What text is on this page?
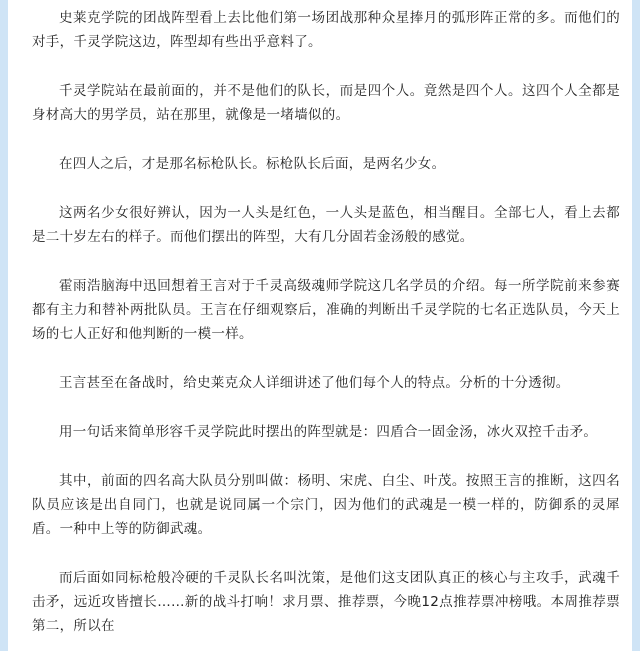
史莱克学院的团战阵型看上去比他们第一场团战那种众星捧月的弧形阵正常的多。而他们的对手，千灵学院这边，阵型却有些出乎意料了。

千灵学院站在最前面的，并不是他们的队长，而是四个人。竟然是四个人。这四个人全都是身材高大的男学员，站在那里，就像是一堵墙似的。

在四人之后，才是那名标枪队长。标枪队长后面，是两名少女。

这两名少女很好辨认，因为一人头是红色，一人头是蓝色，相当醒目。全部七人，看上去都是二十岁左右的样子。而他们摆出的阵型，大有几分固若金汤般的感觉。

霍雨浩脑海中迅回想着王言对于千灵高级魂师学院这几名学员的介绍。每一所学院前来参赛都有主力和替补两批队员。王言在仔细观察后，准确的判断出千灵学院的七名正选队员，今天上场的七人正好和他判断的一模一样。

王言甚至在备战时，给史莱克众人详细讲述了他们每个人的特点。分析的十分透彻。

用一句话来简单形容千灵学院此时摆出的阵型就是：四盾合一固金汤，冰火双控千击矛。

其中，前面的四名高大队员分别叫做：杨明、宋虎、白尘、叶茂。按照王言的推断，这四名队员应该是出自同门，也就是说同属一个宗门，因为他们的武魂是一模一样的，防御系的灵犀盾。一种中上等的防御武魂。

而后面如同标枪般冷硬的千灵队长名叫沈策，是他们这支团队真正的核心与主攻手，武魂千击矛，远近攻皆擅长……新的战斗打响！求月票、推荐票，今晚12点推荐票冲榜哦。本周推荐票第二，所以在
